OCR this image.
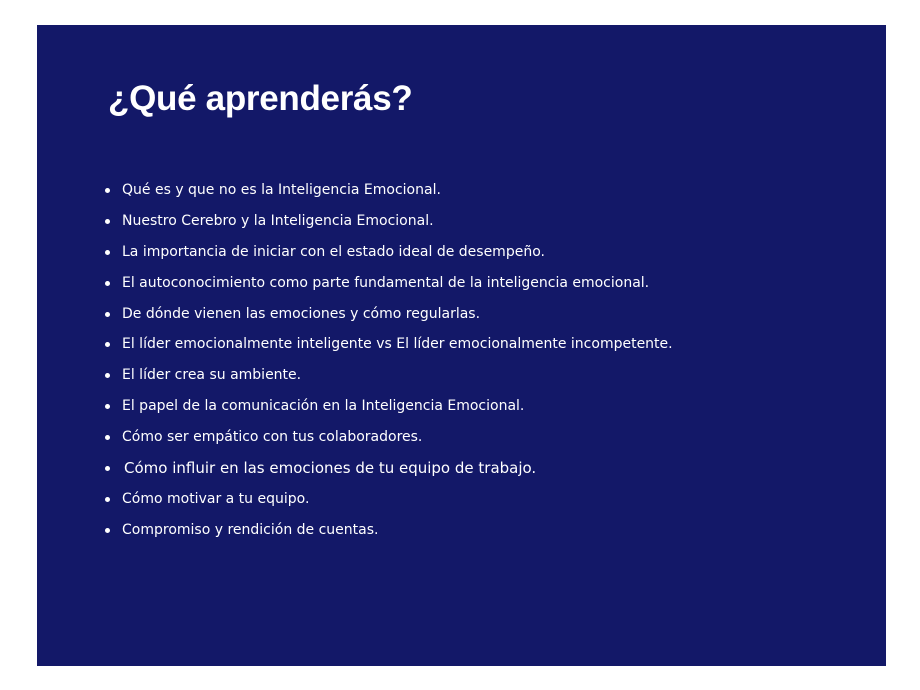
¿Qué aprenderás?
Qué es y que no es la Inteligencia Emocional.
Nuestro Cerebro y la Inteligencia Emocional.
La importancia de iniciar con el estado ideal de desempeño.
El autoconocimiento como parte fundamental de la inteligencia emocional.
De dónde vienen las emociones y cómo regularlas.
El líder emocionalmente inteligente vs El líder emocionalmente incompetente.
El líder crea su ambiente.
El papel de la comunicación en la Inteligencia Emocional.
Cómo ser empático con tus colaboradores.
Cómo influir en las emociones de tu equipo de trabajo.
Cómo motivar a tu equipo.
Compromiso y rendición de cuentas.
